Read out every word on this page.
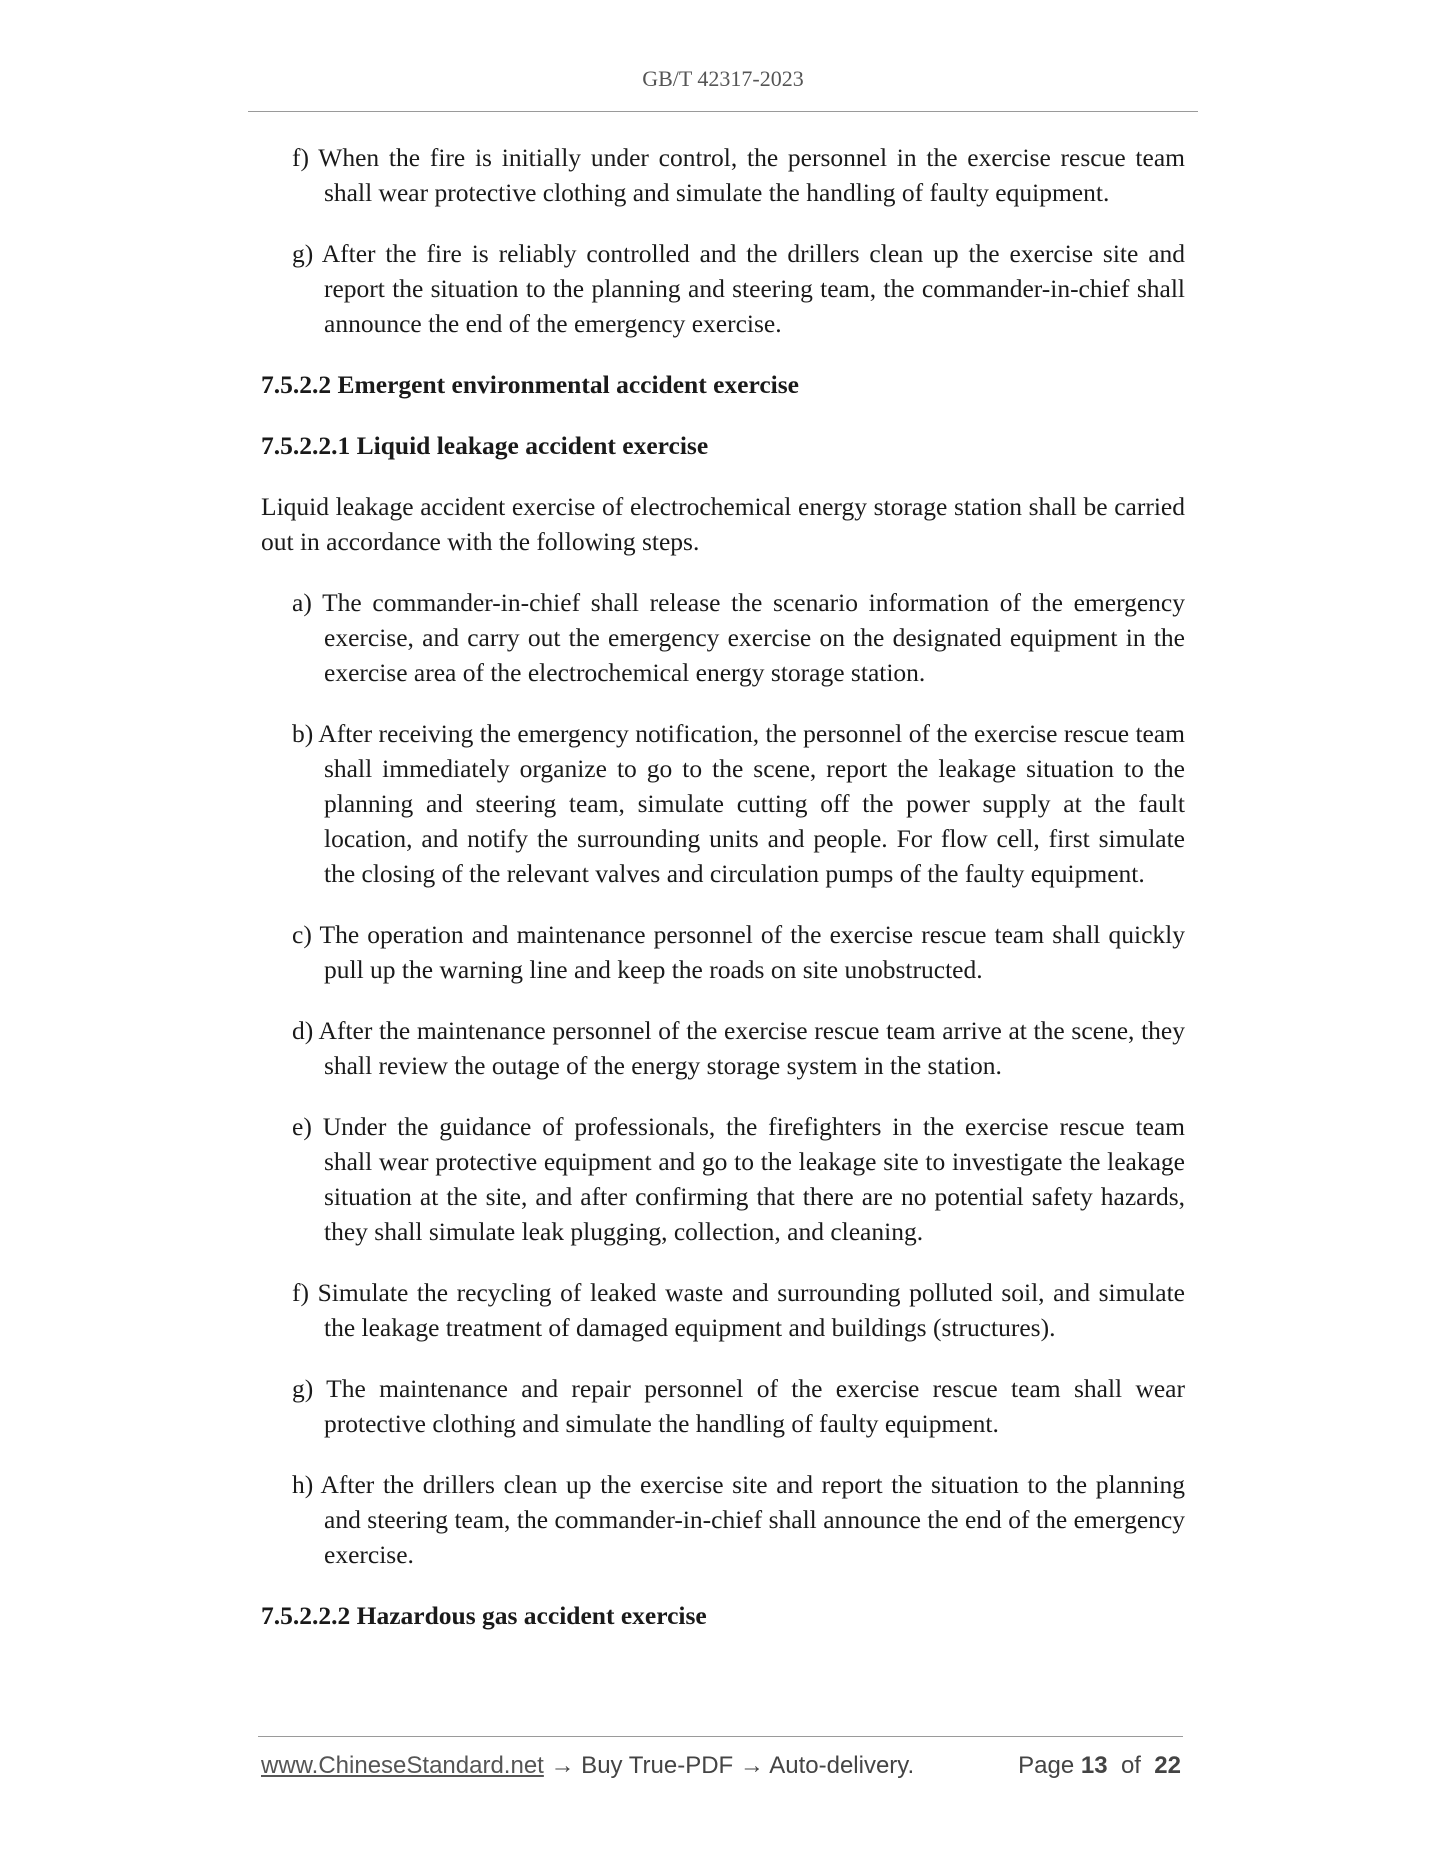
GB/T 42317-2023
f) When the fire is initially under control, the personnel in the exercise rescue team shall wear protective clothing and simulate the handling of faulty equipment.
g) After the fire is reliably controlled and the drillers clean up the exercise site and report the situation to the planning and steering team, the commander-in-chief shall announce the end of the emergency exercise.
7.5.2.2 Emergent environmental accident exercise
7.5.2.2.1 Liquid leakage accident exercise
Liquid leakage accident exercise of electrochemical energy storage station shall be carried out in accordance with the following steps.
a) The commander-in-chief shall release the scenario information of the emergency exercise, and carry out the emergency exercise on the designated equipment in the exercise area of the electrochemical energy storage station.
b) After receiving the emergency notification, the personnel of the exercise rescue team shall immediately organize to go to the scene, report the leakage situation to the planning and steering team, simulate cutting off the power supply at the fault location, and notify the surrounding units and people. For flow cell, first simulate the closing of the relevant valves and circulation pumps of the faulty equipment.
c) The operation and maintenance personnel of the exercise rescue team shall quickly pull up the warning line and keep the roads on site unobstructed.
d) After the maintenance personnel of the exercise rescue team arrive at the scene, they shall review the outage of the energy storage system in the station.
e) Under the guidance of professionals, the firefighters in the exercise rescue team shall wear protective equipment and go to the leakage site to investigate the leakage situation at the site, and after confirming that there are no potential safety hazards, they shall simulate leak plugging, collection, and cleaning.
f) Simulate the recycling of leaked waste and surrounding polluted soil, and simulate the leakage treatment of damaged equipment and buildings (structures).
g) The maintenance and repair personnel of the exercise rescue team shall wear protective clothing and simulate the handling of faulty equipment.
h) After the drillers clean up the exercise site and report the situation to the planning and steering team, the commander-in-chief shall announce the end of the emergency exercise.
7.5.2.2.2 Hazardous gas accident exercise
www.ChineseStandard.net → Buy True-PDF → Auto-delivery.	Page 13 of 22
